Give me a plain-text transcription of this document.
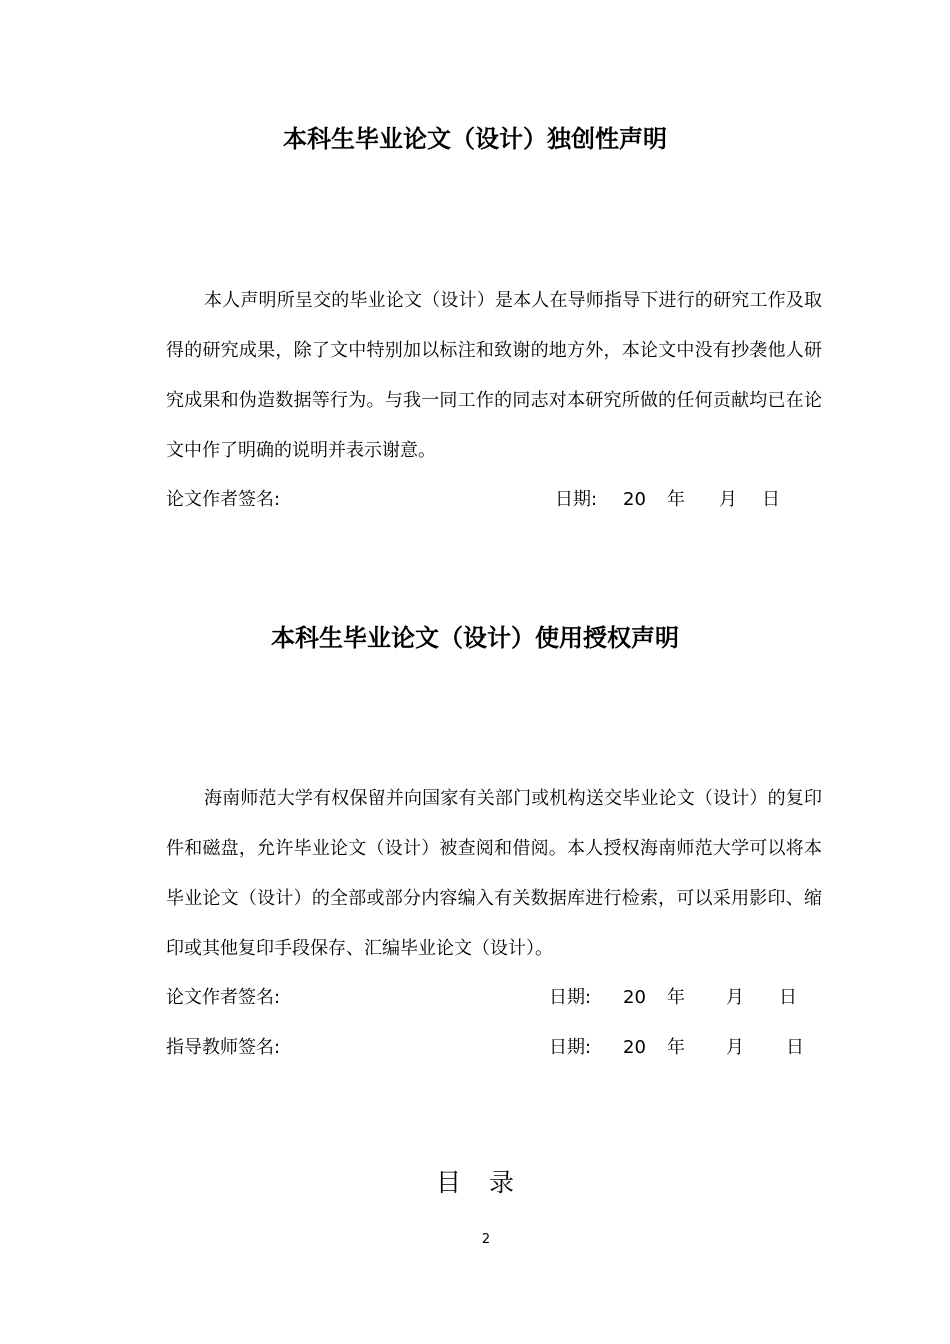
本科生毕业论文（设计）独创性声明

本人声明所呈交的毕业论文（设计）是本人在导师指导下进行的研究工作及取得的研究成果，除了文中特别加以标注和致谢的地方外，本论文中没有抄袭他人研究成果和伪造数据等行为。与我一同工作的同志对本研究所做的任何贡献均已在论文中作了明确的说明并表示谢意。

论文作者签名:	日期: 20 年 月 日
本科生毕业论文（设计）使用授权声明

海南师范大学有权保留并向国家有关部门或机构送交毕业论文（设计）的复印件和磁盘，允许毕业论文（设计）被查阅和借阅。本人授权海南师范大学可以将本毕业论文（设计）的全部或部分内容编入有关数据库进行检索，可以采用影印、缩印或其他复印手段保存、汇编毕业论文（设计）。

论文作者签名:	日期: 20 年 月 日
指导教师签名:	日期: 20 年 月 日
目录
2
